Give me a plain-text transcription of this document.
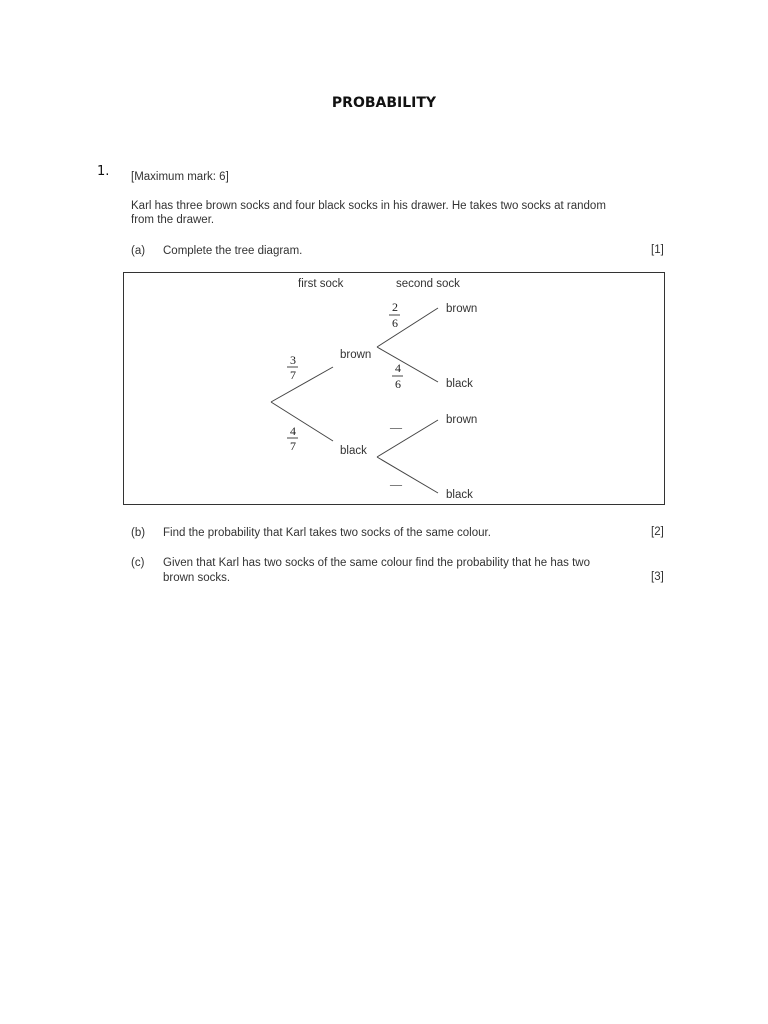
PROBABILITY
1. [Maximum mark: 6]
Karl has three brown socks and four black socks in his drawer. He takes two socks at random
from the drawer.
(a) Complete the tree diagram.	[1]
first sock	second sock
3
7
4
7
brown
black
2
6
4
6
brown
black
—
—
brown
black
(b) Find the probability that Karl takes two socks of the same colour.	[2]
(c) Given that Karl has two socks of the same colour find the probability that he has two
brown socks.	[3]
